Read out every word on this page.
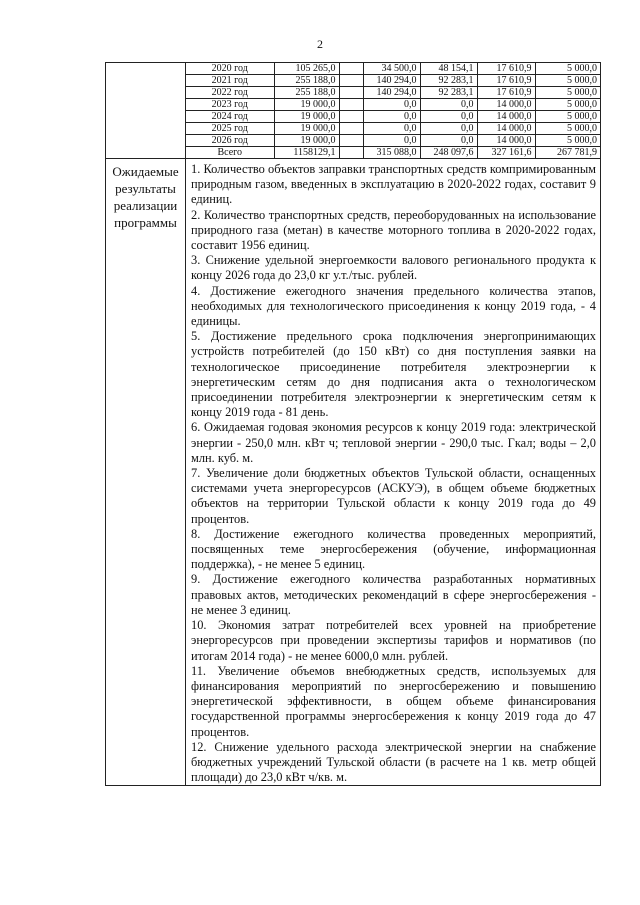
2

2020 год	105 265,0		34 500,0	48 154,1	17 610,9	5 000,0
2021 год	255 188,0		140 294,0	92 283,1	17 610,9	5 000,0
2022 год	255 188,0		140 294,0	92 283,1	17 610,9	5 000,0
2023 год	19 000,0		0,0	0,0	14 000,0	5 000,0
2024 год	19 000,0		0,0	0,0	14 000,0	5 000,0
2025 год	19 000,0		0,0	0,0	14 000,0	5 000,0
2026 год	19 000,0		0,0	0,0	14 000,0	5 000,0
Всего	1158129,1		315 088,0	248 097,6	327 161,6	267 781,9

Ожидаемые результаты реализации программы

1. Количество объектов заправки транспортных средств компримированным природным газом, введенных в эксплуатацию в 2020-2022 годах, составит 9 единиц.

2. Количество транспортных средств, переоборудованных на использование природного газа (метан) в качестве моторного топлива в 2020-2022 годах, составит 1956 единиц.

3. Снижение удельной энергоемкости валового регионального продукта к концу 2026 года до 23,0 кг у.т./тыс. рублей.

4. Достижение ежегодного значения предельного количества этапов, необходимых для технологического присоединения к концу 2019 года, - 4 единицы.

5. Достижение предельного срока подключения энергопринимающих устройств потребителей (до 150 кВт) со дня поступления заявки на технологическое присоединение потребителя электроэнергии к энергетическим сетям до дня подписания акта о технологическом присоединении потребителя электроэнергии к энергетическим сетям к концу 2019 года - 81 день.

6. Ожидаемая годовая экономия ресурсов к концу 2019 года: электрической энергии - 250,0 млн. кВт ч; тепловой энергии - 290,0 тыс. Гкал; воды – 2,0 млн. куб. м.

7. Увеличение доли бюджетных объектов Тульской области, оснащенных системами учета энергоресурсов (АСКУЭ), в общем объеме бюджетных объектов на территории Тульской области к концу 2019 года до 49 процентов.

8. Достижение ежегодного количества проведенных мероприятий, посвященных теме энергосбережения (обучение, информационная поддержка), - не менее 5 единиц.

9. Достижение ежегодного количества разработанных нормативных правовых актов, методических рекомендаций в сфере энергосбережения - не менее 3 единиц.

10. Экономия затрат потребителей всех уровней на приобретение энергоресурсов при проведении экспертизы тарифов и нормативов (по итогам 2014 года) - не менее 6000,0 млн. рублей.

11. Увеличение объемов внебюджетных средств, используемых для финансирования мероприятий по энергосбережению и повышению энергетической эффективности, в общем объеме финансирования государственной программы энергосбережения к концу 2019 года до 47 процентов.

12. Снижение удельного расхода электрической энергии на снабжение бюджетных учреждений Тульской области (в расчете на 1 кв. метр общей площади) до 23,0 кВт ч/кв. м.
